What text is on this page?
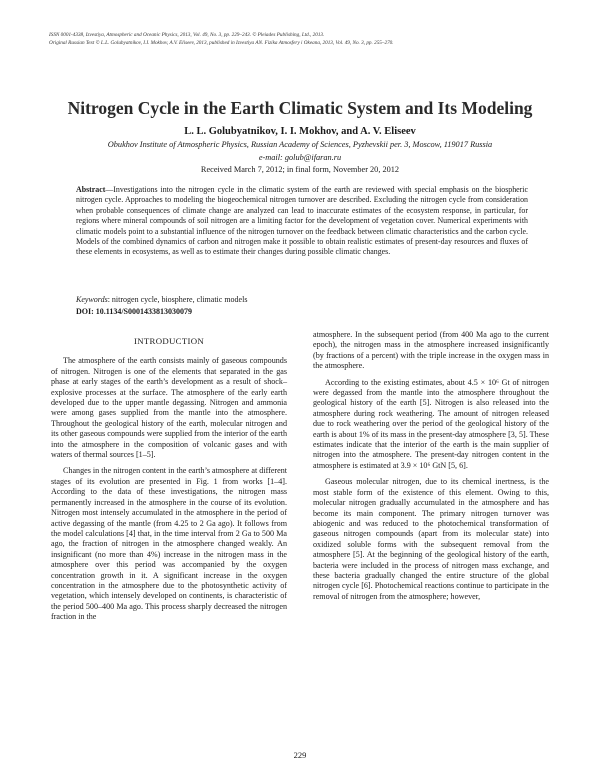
ISSN 0001-4338, Izvestiya, Atmospheric and Oceanic Physics, 2013, Vol. 49, No. 3, pp. 229–243. © Pleiades Publishing, Ltd., 2013.
Original Russian Text © L.L. Golubyatnikov, I.I. Mokhov, A.V. Eliseev, 2013, published in Izvestiya AN. Fizika Atmosfery i Okeana, 2013, Vol. 49, No. 3, pp. 255–270.
Nitrogen Cycle in the Earth Climatic System and Its Modeling
L. L. Golubyatnikov, I. I. Mokhov, and A. V. Eliseev
Obukhov Institute of Atmospheric Physics, Russian Academy of Sciences, Pyzhevskii per. 3, Moscow, 119017 Russia
e-mail: golub@ifaran.ru
Received March 7, 2012; in final form, November 20, 2012
Abstract—Investigations into the nitrogen cycle in the climatic system of the earth are reviewed with special emphasis on the biospheric nitrogen cycle. Approaches to modeling the biogeochemical nitrogen turnover are described. Excluding the nitrogen cycle from consideration when probable consequences of climate change are analyzed can lead to inaccurate estimates of the ecosystem response, in particular, for regions where mineral compounds of soil nitrogen are a limiting factor for the development of vegetation cover. Numerical experiments with climatic models point to a substantial influence of the nitrogen turnover on the feedback between climatic characteristics and the carbon cycle. Models of the combined dynamics of carbon and nitrogen make it possible to obtain realistic estimates of present-day resources and fluxes of these elements in ecosystems, as well as to estimate their changes during possible climatic changes.
Keywords: nitrogen cycle, biosphere, climatic models
DOI: 10.1134/S0001433813030079
INTRODUCTION

The atmosphere of the earth consists mainly of gaseous compounds of nitrogen. Nitrogen is one of the elements that separated in the gas phase at early stages of the earth’s development as a result of shock–explosive processes at the surface. The atmosphere of the early earth developed due to the upper mantle degassing. Nitrogen and ammonia were among gases supplied from the mantle into the atmosphere. Throughout the geological history of the earth, molecular nitrogen and its other gaseous compounds were supplied from the interior of the earth into the atmosphere in the composition of volcanic gases and with waters of thermal sources [1–5].

Changes in the nitrogen content in the earth’s atmosphere at different stages of its evolution are presented in Fig. 1 from works [1–4]. According to the data of these investigations, the nitrogen mass permanently increased in the atmosphere in the course of its evolution. Nitrogen most intensely accumulated in the atmosphere in the period of active degassing of the mantle (from 4.25 to 2 Ga ago). It follows from the model calculations [4] that, in the time interval from 2 Ga to 500 Ma ago, the fraction of nitrogen in the atmosphere changed weakly. An insignificant (no more than 4%) increase in the nitrogen mass in the atmosphere over this period was accompanied by the oxygen concentration growth in it. A significant increase in the oxygen concentration in the atmosphere due to the photosynthetic activity of vegetation, which intensely developed on continents, is characteristic of the period 500–400 Ma ago. This process sharply decreased the nitrogen fraction in the

atmosphere. In the subsequent period (from 400 Ma ago to the current epoch), the nitrogen mass in the atmosphere increased insignificantly (by fractions of a percent) with the triple increase in the oxygen mass in the atmosphere.

According to the existing estimates, about 4.5 × 10⁶ Gt of nitrogen were degassed from the mantle into the atmosphere throughout the geological history of the earth [5]. Nitrogen is also released into the atmosphere during rock weathering. The amount of nitrogen released due to rock weathering over the period of the geological history of the earth is about 1% of its mass in the present-day atmosphere [3, 5]. These estimates indicate that the interior of the earth is the main supplier of nitrogen into the atmosphere. The present-day nitrogen content in the atmosphere is estimated at 3.9 × 10⁶ GtN [5, 6].

Gaseous molecular nitrogen, due to its chemical inertness, is the most stable form of the existence of this element. Owing to this, molecular nitrogen gradually accumulated in the atmosphere and has become its main component. The primary nitrogen turnover was abiogenic and was reduced to the photochemical transformation of gaseous nitrogen compounds (apart from its molecular state) into oxidized soluble forms with the subsequent removal from the atmosphere [5]. At the beginning of the geological history of the earth, bacteria were included in the process of nitrogen mass exchange, and these bacteria gradually changed the entire structure of the global nitrogen cycle [6]. Photochemical reactions continue to participate in the removal of nitrogen from the atmosphere; however,

229
